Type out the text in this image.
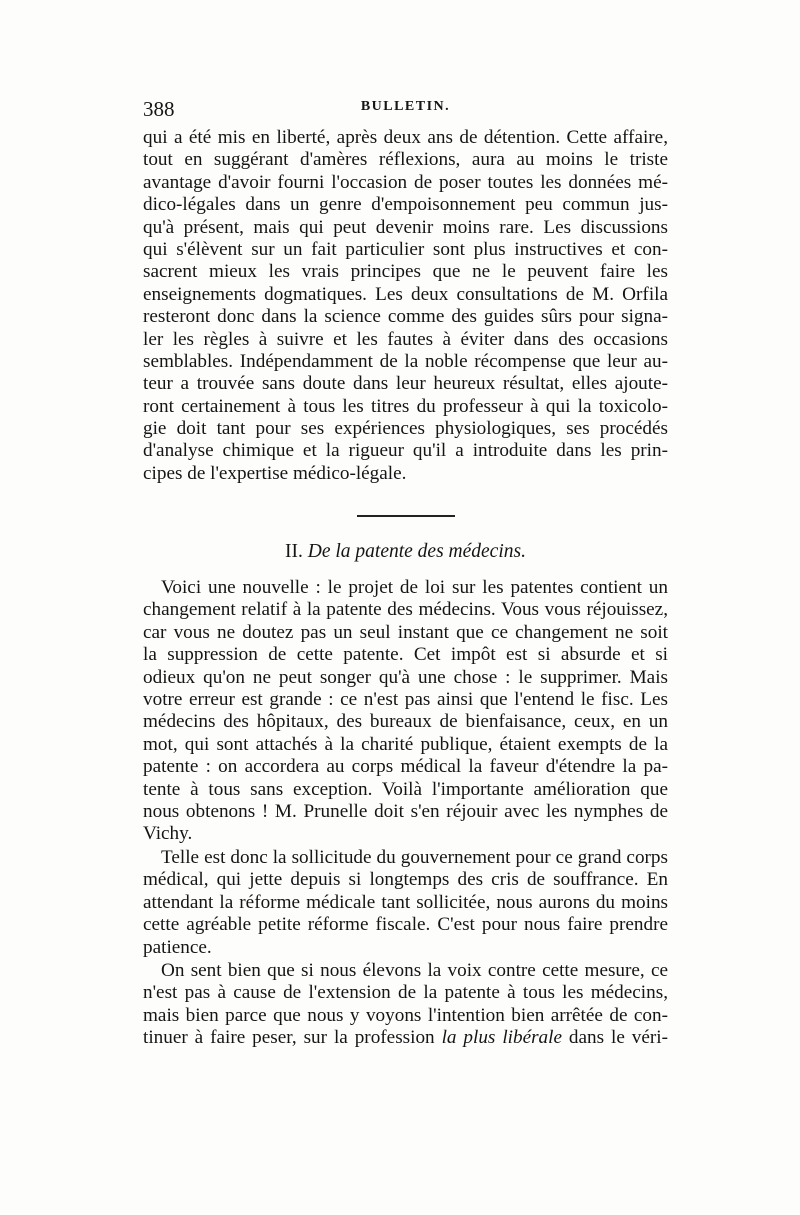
388	BULLETIN.
qui a été mis en liberté, après deux ans de détention. Cette affaire,
tout en suggérant d'amères réflexions, aura au moins le triste
avantage d'avoir fourni l'occasion de poser toutes les données mé-
dico-légales dans un genre d'empoisonnement peu commun jus-
qu'à présent, mais qui peut devenir moins rare. Les discussions
qui s'élèvent sur un fait particulier sont plus instructives et con-
sacrent mieux les vrais principes que ne le peuvent faire les
enseignements dogmatiques. Les deux consultations de M. Orfila
resteront donc dans la science comme des guides sûrs pour signa-
ler les règles à suivre et les fautes à éviter dans des occasions
semblables. Indépendamment de la noble récompense que leur au-
teur a trouvée sans doute dans leur heureux résultat, elles ajoute-
ront certainement à tous les titres du professeur à qui la toxicolo-
gie doit tant pour ses expériences physiologiques, ses procédés
d'analyse chimique et la rigueur qu'il a introduite dans les prin-
cipes de l'expertise médico-légale.
II. De la patente des médecins.
Voici une nouvelle : le projet de loi sur les patentes contient un
changement relatif à la patente des médecins. Vous vous réjouissez,
car vous ne doutez pas un seul instant que ce changement ne soit
la suppression de cette patente. Cet impôt est si absurde et si
odieux qu'on ne peut songer qu'à une chose : le supprimer. Mais
votre erreur est grande : ce n'est pas ainsi que l'entend le fisc. Les
médecins des hôpitaux, des bureaux de bienfaisance, ceux, en un
mot, qui sont attachés à la charité publique, étaient exempts de la
patente : on accordera au corps médical la faveur d'étendre la pa-
tente à tous sans exception. Voilà l'importante amélioration que
nous obtenons ! M. Prunelle doit s'en réjouir avec les nymphes de
Vichy.
Telle est donc la sollicitude du gouvernement pour ce grand corps
médical, qui jette depuis si longtemps des cris de souffrance. En
attendant la réforme médicale tant sollicitée, nous aurons du moins
cette agréable petite réforme fiscale. C'est pour nous faire prendre
patience.
On sent bien que si nous élevons la voix contre cette mesure, ce
n'est pas à cause de l'extension de la patente à tous les médecins,
mais bien parce que nous y voyons l'intention bien arrêtée de con-
tinuer à faire peser, sur la profession la plus libérale dans le véri-
